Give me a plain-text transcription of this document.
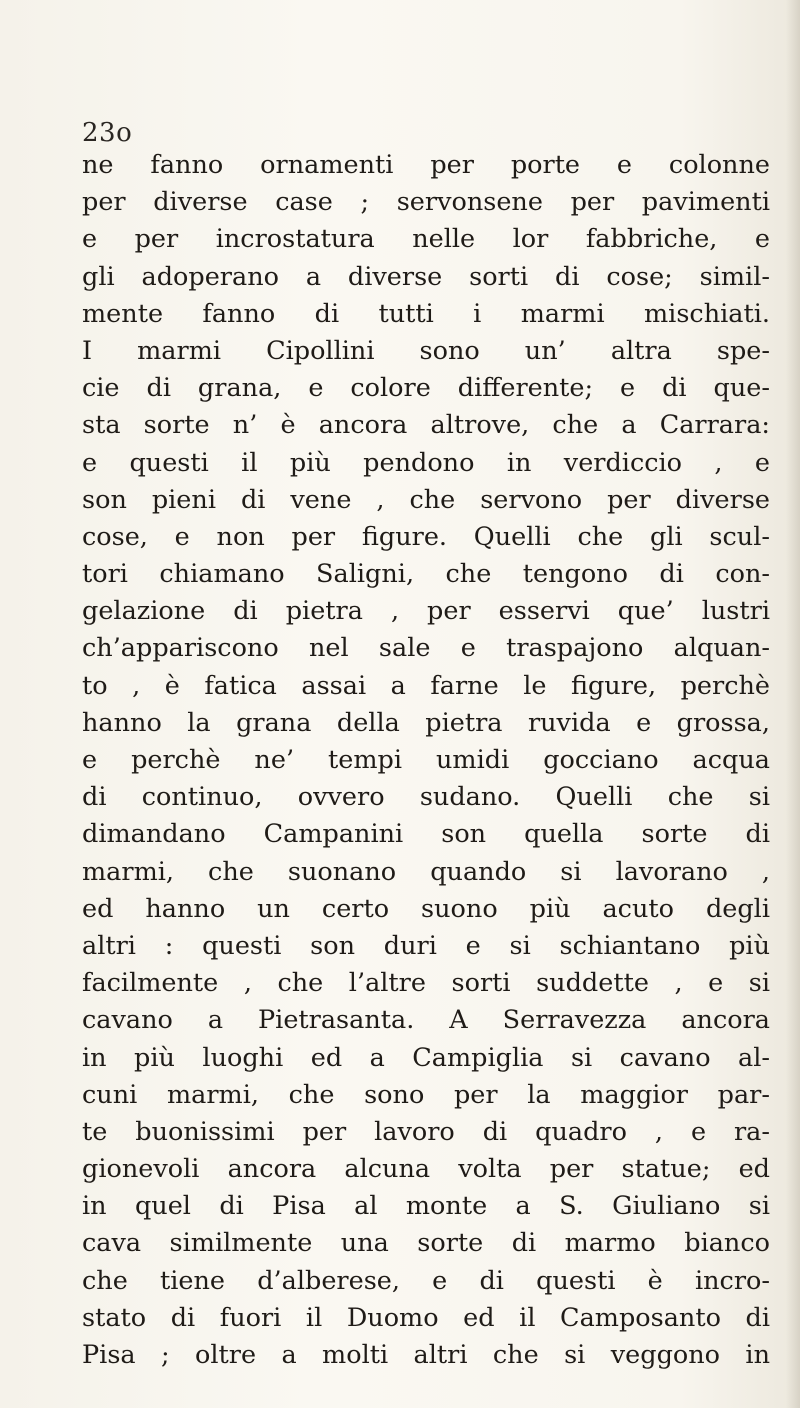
23o
ne fanno ornamenti per porte e colonne
per diverse case ; servonsene per pavimenti
e per incrostatura nelle lor fabbriche, e
gli adoperano a diverse sorti di cose; simil-
mente fanno di tutti i marmi mischiati.
I marmi Cipollini sono un’ altra spe-
cie di grana, e colore differente; e di que-
sta sorte n’ è ancora altrove, che a Carrara:
e questi il più pendono in verdiccio , e
son pieni di vene , che servono per diverse
cose, e non per figure. Quelli che gli scul-
tori chiamano Saligni, che tengono di con-
gelazione di pietra , per esservi que’ lustri
ch’appariscono nel sale e traspajono alquan-
to , è fatica assai a farne le figure, perchè
hanno la grana della pietra ruvida e grossa,
e perchè ne’ tempi umidi gocciano acqua
di continuo, ovvero sudano. Quelli che si
dimandano Campanini son quella sorte di
marmi, che suonano quando si lavorano ,
ed hanno un certo suono più acuto degli
altri : questi son duri e si schiantano più
facilmente , che l’altre sorti suddette , e si
cavano a Pietrasanta. A Serravezza ancora
in più luoghi ed a Campiglia si cavano al-
cuni marmi, che sono per la maggior par-
te buonissimi per lavoro di quadro , e ra-
gionevoli ancora alcuna volta per statue; ed
in quel di Pisa al monte a S. Giuliano si
cava similmente una sorte di marmo bianco
che tiene d’alberese, e di questi è incro-
stato di fuori il Duomo ed il Camposanto di
Pisa ; oltre a molti altri che si veggono in
